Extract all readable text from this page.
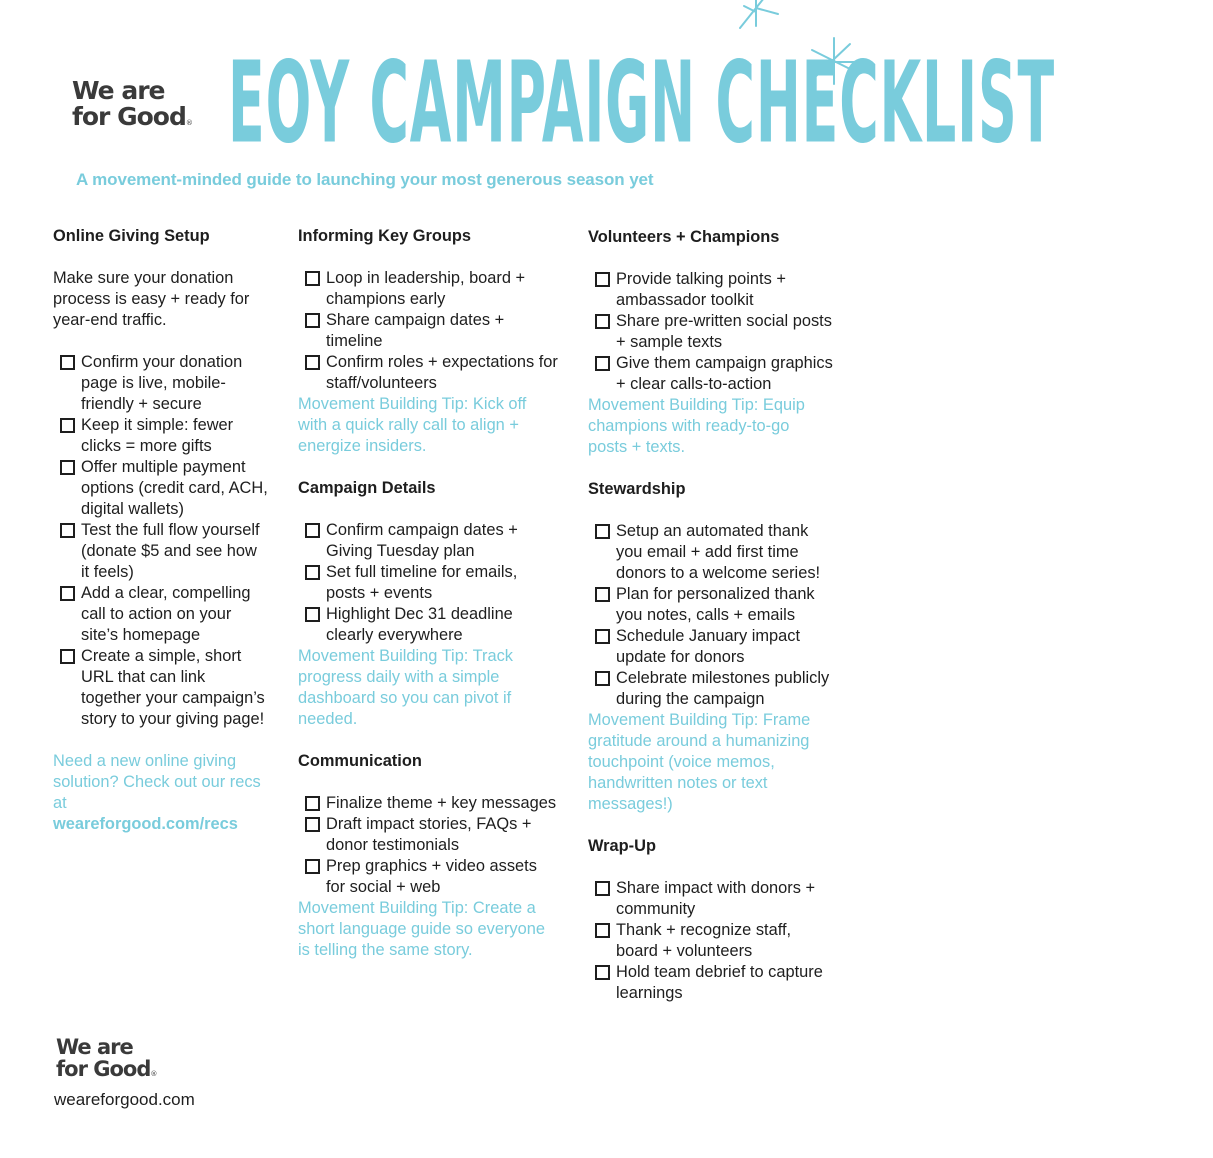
We are
for Good® EOY CAMPAIGN CHECKLIST
A movement-minded guide to launching your most generous season yet
Online Giving Setup

Make sure your donation process is easy + ready for year-end traffic.

Confirm your donation page is live, mobile-friendly + secure
Keep it simple: fewer clicks = more gifts
Offer multiple payment options (credit card, ACH, digital wallets)
Test the full flow yourself (donate $5 and see how it feels)
Add a clear, compelling call to action on your site’s homepage
Create a simple, short URL that can link together your campaign’s story to your giving page!

Need a new online giving solution? Check out our recs at
weareforgood.com/recs

Informing Key Groups
Loop in leadership, board + champions early
Share campaign dates + timeline
Confirm roles + expectations for staff/volunteers

Movement Building Tip: Kick off with a quick rally call to align + energize insiders.

Campaign Details
Confirm campaign dates + Giving Tuesday plan
Set full timeline for emails, posts + events
Highlight Dec 31 deadline clearly everywhere

Movement Building Tip: Track progress daily with a simple dashboard so you can pivot if needed.

Communication
Finalize theme + key messages
Draft impact stories, FAQs + donor testimonials
Prep graphics + video assets for social + web

Movement Building Tip: Create a short language guide so everyone is telling the same story.

Volunteers + Champions
Provide talking points + ambassador toolkit
Share pre-written social posts + sample texts
Give them campaign graphics + clear calls-to-action

Movement Building Tip: Equip champions with ready-to-go posts + texts.

Stewardship
Setup an automated thank you email + add first time donors to a welcome series!
Plan for personalized thank you notes, calls + emails
Schedule January impact update for donors
Celebrate milestones publicly during the campaign

Movement Building Tip: Frame gratitude around a humanizing touchpoint (voice memos, handwritten notes or text messages!)

Wrap-Up
Share impact with donors + community
Thank + recognize staff, board + volunteers
Hold team debrief to capture learnings
We are
for Good®
weareforgood.com
